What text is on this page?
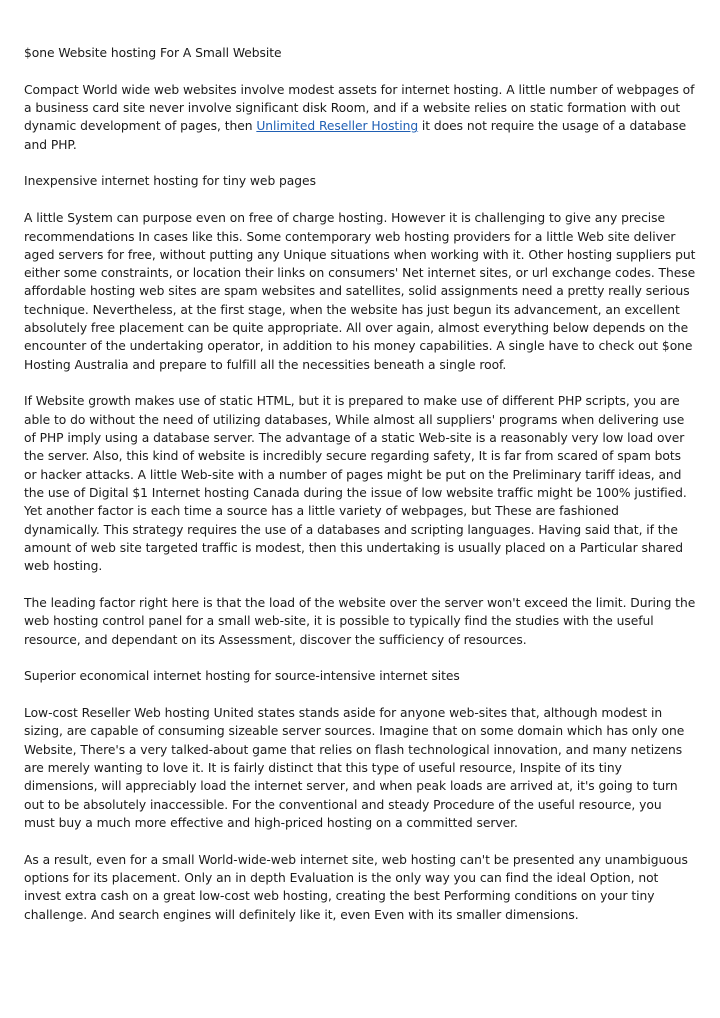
$one Website hosting For A Small Website

Compact World wide web websites involve modest assets for internet hosting. A little number of webpages of a business card site never involve significant disk Room, and if a website relies on static formation with out dynamic development of pages, then Unlimited Reseller Hosting it does not require the usage of a database and PHP.

Inexpensive internet hosting for tiny web pages

A little System can purpose even on free of charge hosting. However it is challenging to give any precise recommendations In cases like this. Some contemporary web hosting providers for a little Web site deliver aged servers for free, without putting any Unique situations when working with it. Other hosting suppliers put either some constraints, or location their links on consumers' Net internet sites, or url exchange codes. These affordable hosting web sites are spam websites and satellites, solid assignments need a pretty really serious technique. Nevertheless, at the first stage, when the website has just begun its advancement, an excellent absolutely free placement can be quite appropriate. All over again, almost everything below depends on the encounter of the undertaking operator, in addition to his money capabilities. A single have to check out $one Hosting Australia and prepare to fulfill all the necessities beneath a single roof.

If Website growth makes use of static HTML, but it is prepared to make use of different PHP scripts, you are able to do without the need of utilizing databases, While almost all suppliers' programs when delivering use of PHP imply using a database server. The advantage of a static Web-site is a reasonably very low load over the server. Also, this kind of website is incredibly secure regarding safety, It is far from scared of spam bots or hacker attacks. A little Web-site with a number of pages might be put on the Preliminary tariff ideas, and the use of Digital $1 Internet hosting Canada during the issue of low website traffic might be 100% justified. Yet another factor is each time a source has a little variety of webpages, but These are fashioned dynamically. This strategy requires the use of a databases and scripting languages. Having said that, if the amount of web site targeted traffic is modest, then this undertaking is usually placed on a Particular shared web hosting.

The leading factor right here is that the load of the website over the server won't exceed the limit. During the web hosting control panel for a small web-site, it is possible to typically find the studies with the useful resource, and dependant on its Assessment, discover the sufficiency of resources.

Superior economical internet hosting for source-intensive internet sites

Low-cost Reseller Web hosting United states stands aside for anyone web-sites that, although modest in sizing, are capable of consuming sizeable server sources. Imagine that on some domain which has only one Website, There's a very talked-about game that relies on flash technological innovation, and many netizens are merely wanting to love it. It is fairly distinct that this type of useful resource, Inspite of its tiny dimensions, will appreciably load the internet server, and when peak loads are arrived at, it's going to turn out to be absolutely inaccessible. For the conventional and steady Procedure of the useful resource, you must buy a much more effective and high-priced hosting on a committed server.

As a result, even for a small World-wide-web internet site, web hosting can't be presented any unambiguous options for its placement. Only an in depth Evaluation is the only way you can find the ideal Option, not invest extra cash on a great low-cost web hosting, creating the best Performing conditions on your tiny challenge. And search engines will definitely like it, even Even with its smaller dimensions.
